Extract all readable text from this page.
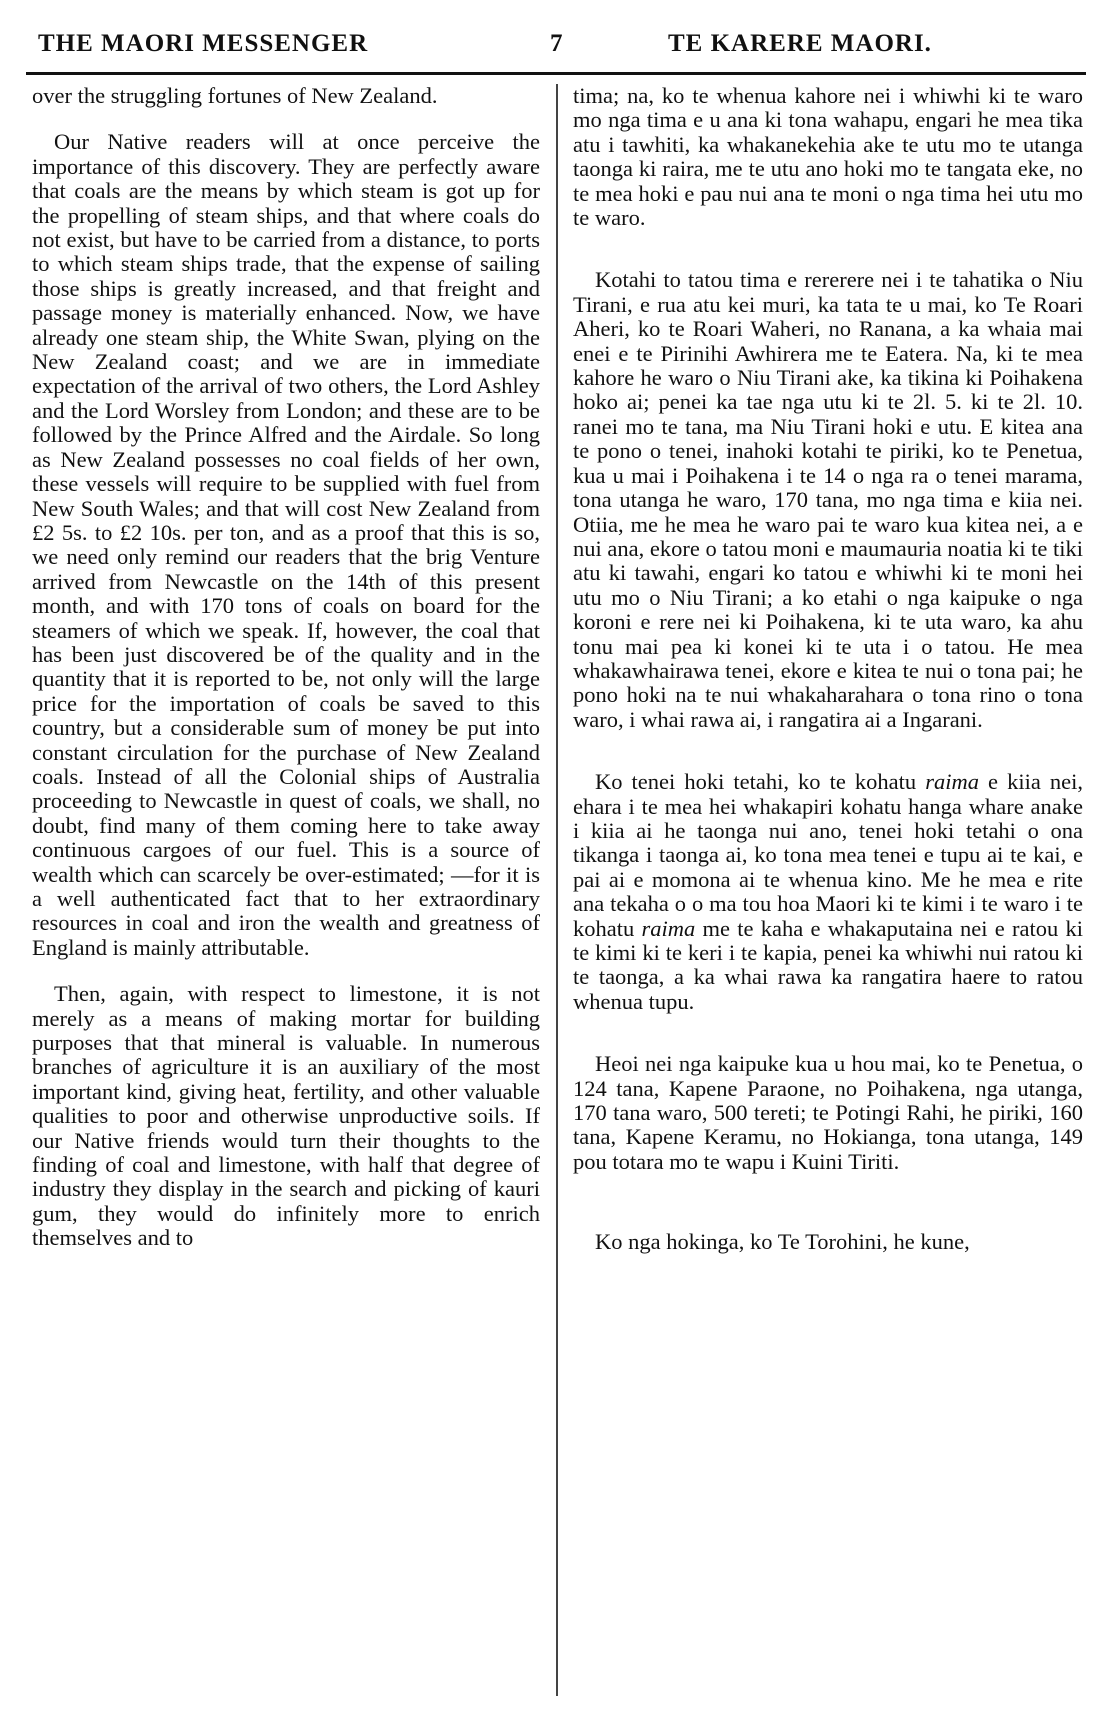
THE MAORI MESSENGER	7	TE KARERE MAORI.

over the struggling fortunes of New Zealand.

Our Native readers will at once perceive the importance of this discovery. They are perfectly aware that coals are the means by which steam is got up for the propelling of steam ships, and that where coals do not exist, but have to be carried from a distance, to ports to which steam ships trade, that the expense of sailing those ships is greatly increased, and that freight and passage money is materially enhanced. Now, we have already one steam ship, the White Swan, plying on the New Zealand coast; and we are in immediate expectation of the arrival of two others, the Lord Ashley and the Lord Worsley from London; and these are to be followed by the Prince Alfred and the Airdale. So long as New Zealand possesses no coal fields of her own, these vessels will require to be supplied with fuel from New South Wales; and that will cost New Zealand from £2 5s. to £2 10s. per ton, and as a proof that this is so, we need only remind our readers that the brig Venture arrived from Newcastle on the 14th of this present month, and with 170 tons of coals on board for the steamers of which we speak. If, however, the coal that has been just discovered be of the quality and in the quantity that it is reported to be, not only will the large price for the importation of coals be saved to this country, but a considerable sum of money be put into constant circulation for the purchase of New Zealand coals. Instead of all the Colonial ships of Australia proceeding to Newcastle in quest of coals, we shall, no doubt, find many of them coming here to take away continuous cargoes of our fuel. This is a source of wealth which can scarcely be over-estimated; —for it is a well authenticated fact that to her extraordinary resources in coal and iron the wealth and greatness of England is mainly attributable.

Then, again, with respect to limestone, it is not merely as a means of making mortar for building purposes that that mineral is valuable. In numerous branches of agriculture it is an auxiliary of the most important kind, giving heat, fertility, and other valuable qualities to poor and otherwise unproductive soils. If our Native friends would turn their thoughts to the finding of coal and limestone, with half that degree of industry they display in the search and picking of kauri gum, they would do infinitely more to enrich themselves and to

tima; na, ko te whenua kahore nei i whiwhi ki te waro mo nga tima e u ana ki tona wahapu, engari he mea tika atu i tawhiti, ka whakanekehia ake te utu mo te utanga taonga ki raira, me te utu ano hoki mo te tangata eke, no te mea hoki e pau nui ana te moni o nga tima hei utu mo te waro.

Kotahi to tatou tima e rererere nei i te tahatika o Niu Tirani, e rua atu kei muri, ka tata te u mai, ko Te Roari Aheri, ko te Roari Waheri, no Ranana, a ka whaia mai enei e te Pirinihi Awhirera me te Eatera. Na, ki te mea kahore he waro o Niu Tirani ake, ka tikina ki Poihakena hoko ai; penei ka tae nga utu ki te 2l. 5. ki te 2l. 10. ranei mo te tana, ma Niu Tirani hoki e utu. E kitea ana te pono o tenei, inahoki kotahi te piriki, ko te Penetua, kua u mai i Poihakena i te 14 o nga ra o tenei marama, tona utanga he waro, 170 tana, mo nga tima e kiia nei. Otiia, me he mea he waro pai te waro kua kitea nei, a e nui ana, ekore o tatou moni e maumauria noatia ki te tiki atu ki tawahi, engari ko tatou e whiwhi ki te moni hei utu mo o Niu Tirani; a ko etahi o nga kaipuke o nga koroni e rere nei ki Poihakena, ki te uta waro, ka ahu tonu mai pea ki konei ki te uta i o tatou. He mea whakawhairawa tenei, ekore e kitea te nui o tona pai; he pono hoki na te nui whakaharahara o tona rino o tona waro, i whai rawa ai, i rangatira ai a Ingarani.

Ko tenei hoki tetahi, ko te kohatu raima e kiia nei, ehara i te mea hei whakapiri kohatu hanga whare anake i kiia ai he taonga nui ano, tenei hoki tetahi o ona tikanga i taonga ai, ko tona mea tenei e tupu ai te kai, e pai ai e momona ai te whenua kino. Me he mea e rite ana tekaha o o ma tou hoa Maori ki te kimi i te waro i te kohatu raima me te kaha e whakaputaina nei e ratou ki te kimi ki te keri i te kapia, penei ka whiwhi nui ratou ki te taonga, a ka whai rawa ka rangatira haere to ratou whenua tupu.

Heoi nei nga kaipuke kua u hou mai, ko te Penetua, o 124 tana, Kapene Paraone, no Poihakena, nga utanga, 170 tana waro, 500 tereti; te Potingi Rahi, he piriki, 160 tana, Kapene Keramu, no Hokianga, tona utanga, 149 pou totara mo te wapu i Kuini Tiriti.

Ko nga hokinga, ko Te Torohini, he kune,
